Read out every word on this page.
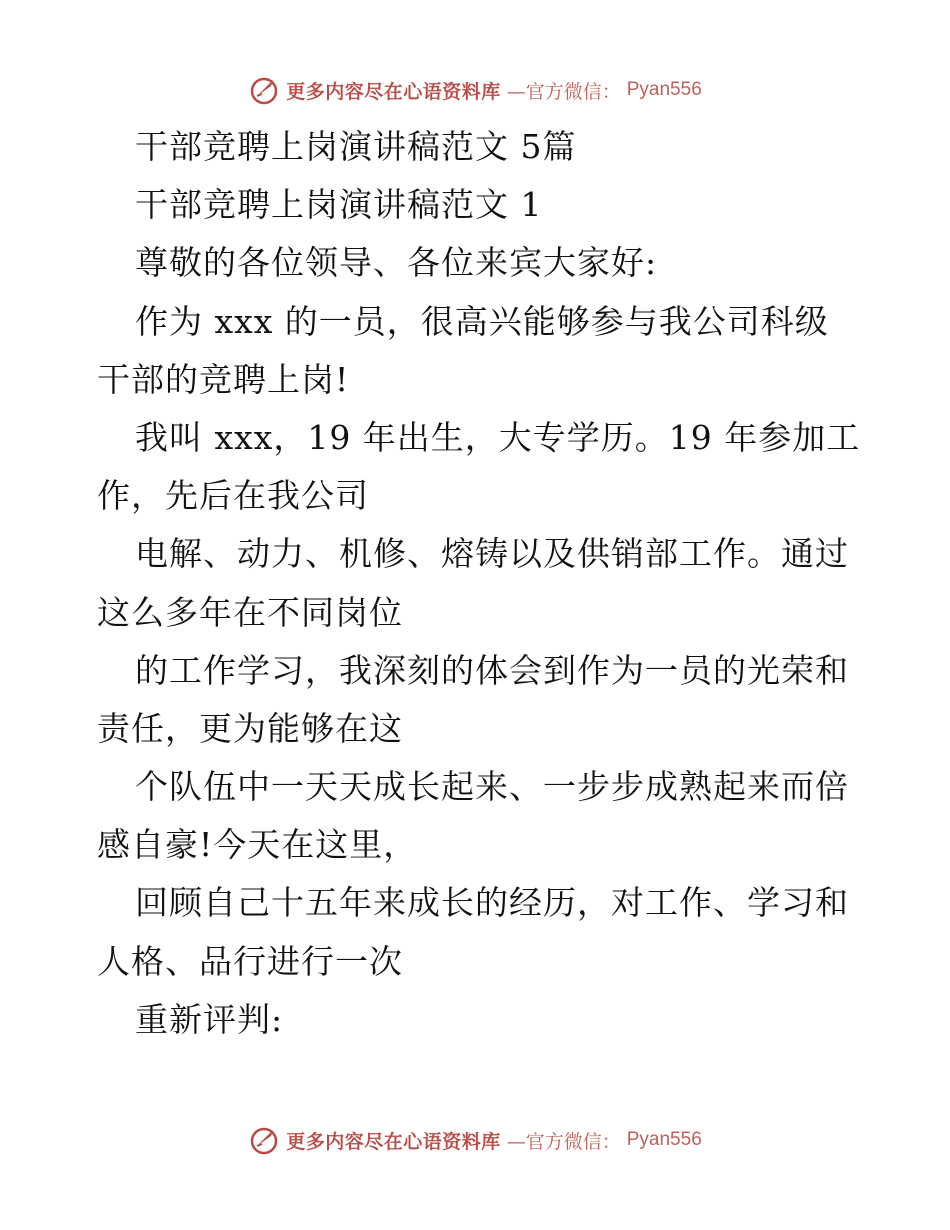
更多内容尽在心语资料库 —官方微信： Pyan556
干部竞聘上岗演讲稿范文 5篇
干部竞聘上岗演讲稿范文 1
尊敬的各位领导、各位来宾大家好:
作为 xxx 的一员，很高兴能够参与我公司科级
干部的竞聘上岗!
我叫 xxx，19 年出生，大专学历。19 年参加工
作，先后在我公司
电解、动力、机修、熔铸以及供销部工作。通过
这么多年在不同岗位
的工作学习，我深刻的体会到作为一员的光荣和
责任，更为能够在这
个队伍中一天天成长起来、一步步成熟起来而倍
感自豪!今天在这里，
回顾自己十五年来成长的经历，对工作、学习和
人格、品行进行一次
重新评判:
更多内容尽在心语资料库 —官方微信： Pyan556
